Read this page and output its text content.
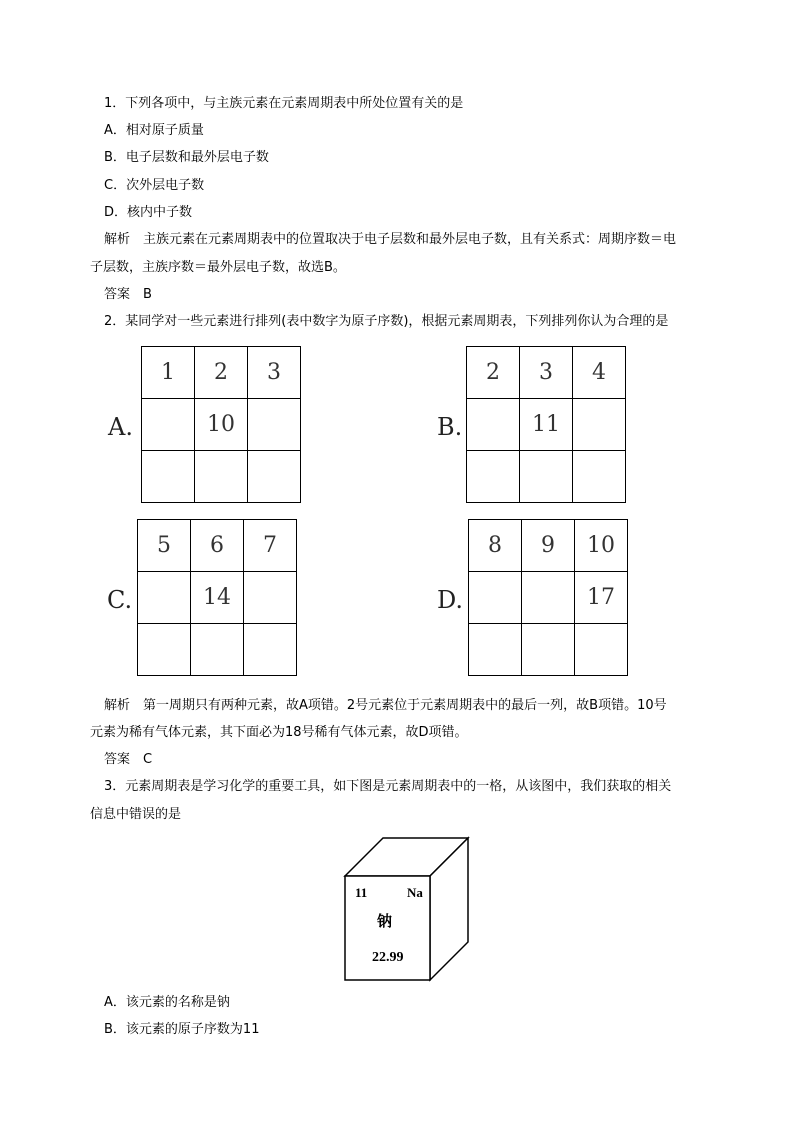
1．下列各项中，与主族元素在元素周期表中所处位置有关的是
A．相对原子质量
B．电子层数和最外层电子数
C．次外层电子数
D．核内中子数
解析　主族元素在元素周期表中的位置取决于电子层数和最外层电子数，且有关系式：周期序数＝电
子层数，主族序数＝最外层电子数，故选B。
答案　B
2．某同学对一些元素进行排列(表中数字为原子序数)，根据元素周期表，下列排列你认为合理的是
A.
1	2	3
	10	
			B.
2	3	4
	11	

C.
5	6	7
	14	
			D.
8	9	10
		17

解析　第一周期只有两种元素，故A项错。2号元素位于元素周期表中的最后一列，故B项错。10号
元素为稀有气体元素，其下面必为18号稀有气体元素，故D项错。
答案　C
3．元素周期表是学习化学的重要工具，如下图是元素周期表中的一格，从该图中，我们获取的相关
信息中错误的是
11	Na
钠
22.99
A．该元素的名称是钠
B．该元素的原子序数为11
